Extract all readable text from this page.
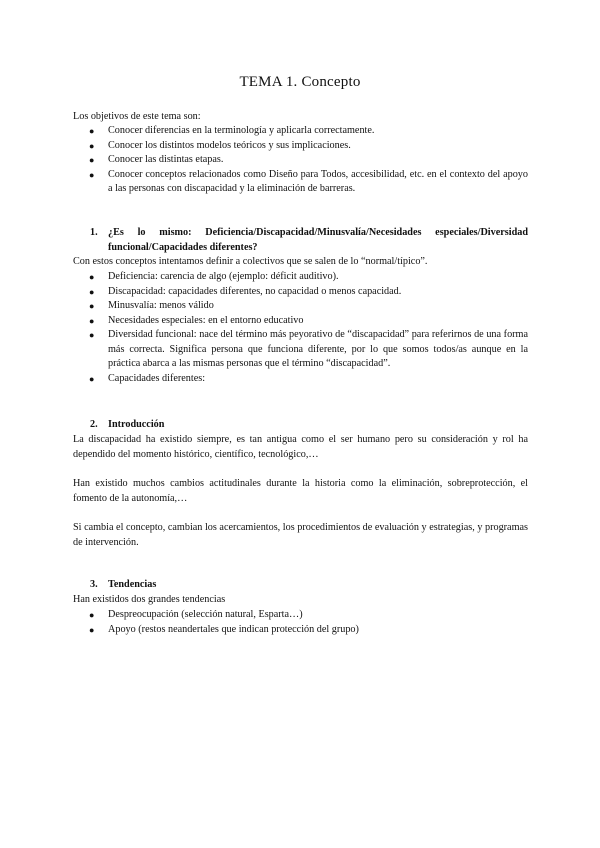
TEMA 1. Concepto
Los objetivos de este tema son:
● Conocer diferencias en la terminología y aplicarla correctamente.
● Conocer los distintos modelos teóricos y sus implicaciones.
● Conocer las distintas etapas.
● Conocer conceptos relacionados como Diseño para Todos, accesibilidad, etc. en el contexto del apoyo a las personas con discapacidad y la eliminación de barreras.
1.	¿Es lo mismo: Deficiencia/Discapacidad/Minusvalía/Necesidades especiales/Diversidad funcional/Capacidades diferentes?
Con estos conceptos intentamos definir a colectivos que se salen de lo “normal/típico”.
● Deficiencia: carencia de algo (ejemplo: déficit auditivo).
● Discapacidad: capacidades diferentes, no capacidad o menos capacidad.
● Minusvalía: menos válido
● Necesidades especiales: en el entorno educativo
● Diversidad funcional: nace del término más peyorativo de “discapacidad” para referirnos de una forma más correcta. Significa persona que funciona diferente, por lo que somos todos/as aunque en la práctica abarca a las mismas personas que el término “discapacidad”.
● Capacidades diferentes:
2.	Introducción
La discapacidad ha existido siempre, es tan antigua como el ser humano pero su consideración y rol ha dependido del momento histórico, científico, tecnológico,…
Han existido muchos cambios actitudinales durante la historia como la eliminación, sobreprotección, el fomento de la autonomía,…
Si cambia el concepto, cambian los acercamientos, los procedimientos de evaluación y estrategias, y programas de intervención.
3.	Tendencias
Han existidos dos grandes tendencias
● Despreocupación (selección natural, Esparta…)
● Apoyo (restos neandertales que indican protección del grupo)
